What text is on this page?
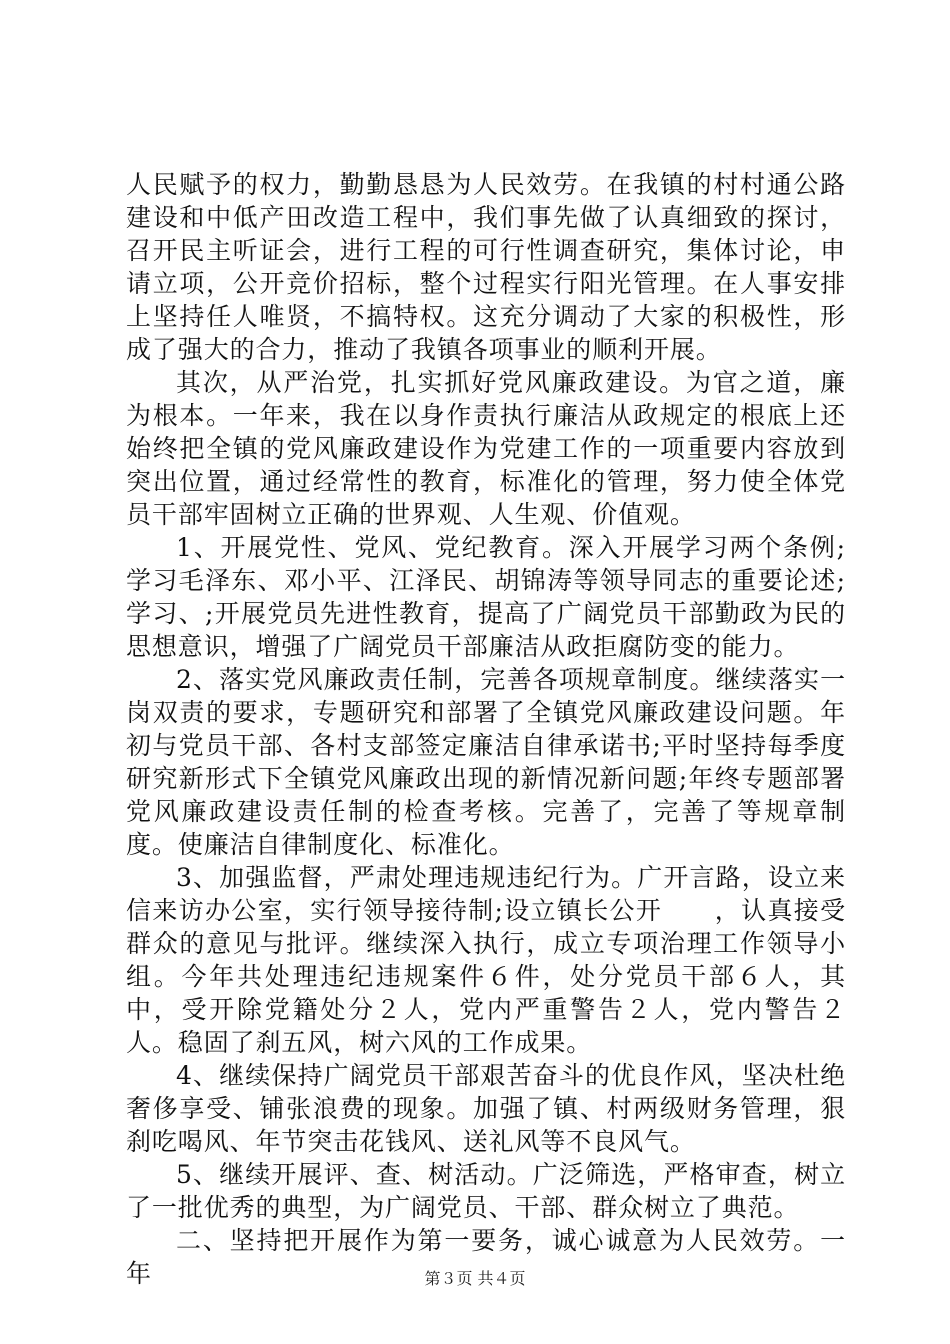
人民赋予的权力，勤勤恳恳为人民效劳。在我镇的村村通公路建设和中低产田改造工程中，我们事先做了认真细致的探讨，召开民主听证会，进行工程的可行性调查研究，集体讨论，申请立项，公开竞价招标，整个过程实行阳光管理。在人事安排上坚持任人唯贤，不搞特权。这充分调动了大家的积极性，形成了强大的合力，推动了我镇各项事业的顺利开展。

其次，从严治党，扎实抓好党风廉政建设。为官之道，廉为根本。一年来，我在以身作责执行廉洁从政规定的根底上还始终把全镇的党风廉政建设作为党建工作的一项重要内容放到突出位置，通过经常性的教育，标准化的管理，努力使全体党员干部牢固树立正确的世界观、人生观、价值观。

1、开展党性、党风、党纪教育。深入开展学习两个条例;学习毛泽东、邓小平、江泽民、胡锦涛等领导同志的重要论述;学习、;开展党员先进性教育，提高了广阔党员干部勤政为民的思想意识，增强了广阔党员干部廉洁从政拒腐防变的能力。

2、落实党风廉政责任制，完善各项规章制度。继续落实一岗双责的要求，专题研究和部署了全镇党风廉政建设问题。年初与党员干部、各村支部签定廉洁自律承诺书;平时坚持每季度研究新形式下全镇党风廉政出现的新情况新问题;年终专题部署党风廉政建设责任制的检查考核。完善了，完善了等规章制度。使廉洁自律制度化、标准化。

3、加强监督，严肃处理违规违纪行为。广开言路，设立来信来访办公室，实行领导接待制;设立镇长公开　　，认真接受群众的意见与批评。继续深入执行，成立专项治理工作领导小组。今年共处理违纪违规案件６件，处分党员干部６人，其中，受开除党籍处分２人，党内严重警告２人，党内警告２人。稳固了刹五风，树六风的工作成果。

4、继续保持广阔党员干部艰苦奋斗的优良作风，坚决杜绝奢侈享受、铺张浪费的现象。加强了镇、村两级财务管理，狠刹吃喝风、年节突击花钱风、送礼风等不良风气。

5、继续开展评、查、树活动。广泛筛选，严格审查，树立了一批优秀的典型，为广阔党员、干部、群众树立了典范。

二、坚持把开展作为第一要务，诚心诚意为人民效劳。一年	第３页 共４页
